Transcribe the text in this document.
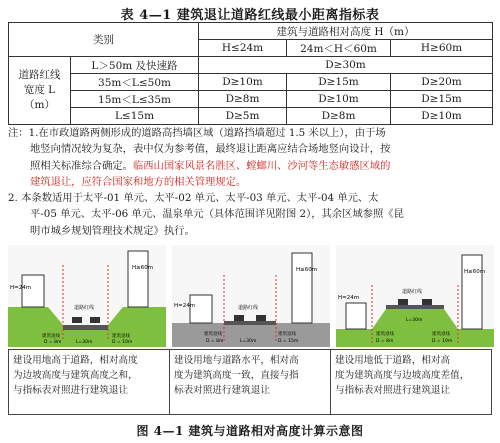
表 4—1 建筑退让道路红线最小距离指标表
类别		建筑与道路相对高度 H（m）		
		H≤24m	24m＜H＜60m	H≥60m
道路红线宽度 L（m）	L＞50m 及快速路	D≥30m		
	35m＜L≤50m	D≥10m	D≥15m	D≥20m
	15m＜L≤35m	D≥8m	D≥10m	D≥15m
	L≤15m	D≥5m	D≥8m	D≥10m
注：1.在市政道路两侧形成的道路高挡墙区域（道路挡墙超过 1.5 米以上），由于场
地竖向情况较为复杂，表中仅为参考值，最终退让距离应结合场地竖向设计，按
照相关标准综合确定。临西山国家风景名胜区、螳螂川、沙河等生态敏感区域的
建筑退让，应符合国家和地方的相关管理规定。
2. 本条数适用于太平-01 单元、太平-02 单元、太平-03 单元、太平-04 单元、太
平-05 单元、太平-06 单元、温泉单元（具体范围详见附图 2），其余区域参照《昆
明市城乡规划管理技术规定》执行。
H=24m
H≥60m
道路红线
建筑退线	建筑退线
D = 8m	D = 10m
L=30m
H=24m
H≥60m
道路红线
建筑退线	建筑退线
D = 8m	D = 15m
L=30m
H=24m
H≥60m
道路红线
建筑退线	建筑退线
D = 8m	D = 10m
L=30m
建设用地高于道路，相对高度
为边坡高度与建筑高度之和，
与指标表对照进行建筑退让
建设用地与道路水平，相对高
度为建筑高度一致，直接与指
标表对照进行建筑退让
建设用地低于道路，相对高
度为建筑高度与边坡高度差值，
与指标表对照进行建筑退让
图 4—1 建筑与道路相对高度计算示意图
